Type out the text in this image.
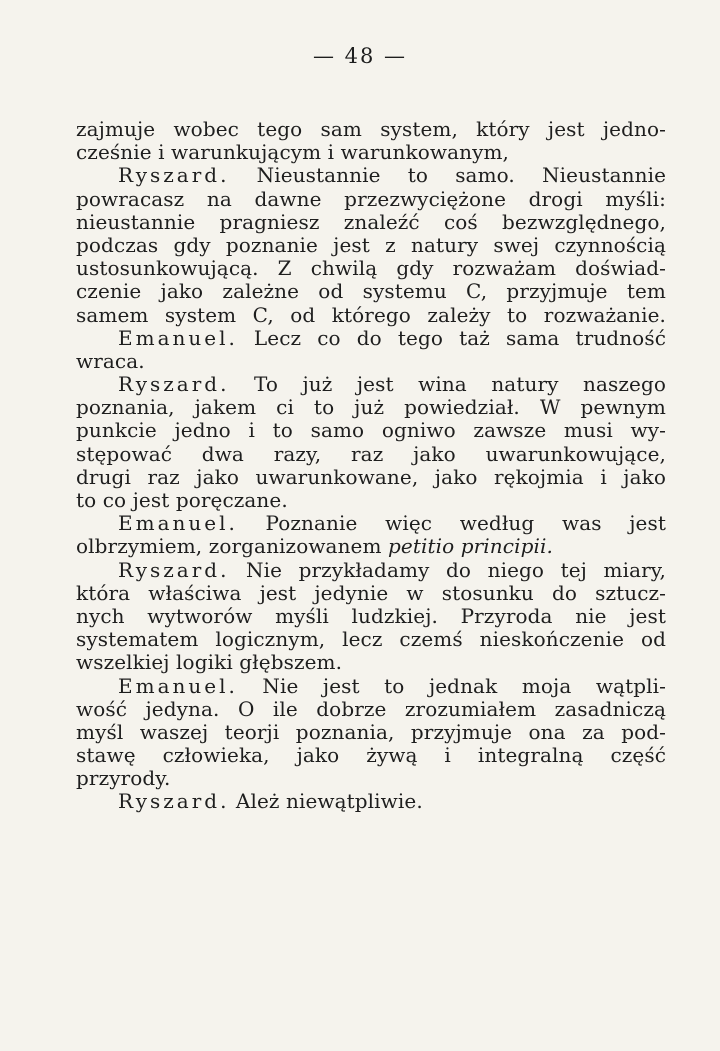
— 48 —
zajmuje wobec tego sam system, który jest jedno-
cześnie i warunkującym i warunkowanym,
Ryszard. Nieustannie to samo. Nieustannie
powracasz na dawne przezwyciężone drogi myśli:
nieustannie pragniesz znaleźć coś bezwzględnego,
podczas gdy poznanie jest z natury swej czynnością
ustosunkowującą. Z chwilą gdy rozważam doświad-
czenie jako zależne od systemu C, przyjmuje tem
samem system C, od którego zależy to rozważanie.
Emanuel. Lecz co do tego taż sama trudność
wraca.
Ryszard. To już jest wina natury naszego
poznania, jakem ci to już powiedział. W pewnym
punkcie jedno i to samo ogniwo zawsze musi wy-
stępować dwa razy, raz jako uwarunkowujące,
drugi raz jako uwarunkowane, jako rękojmia i jako
to co jest poręczane.
Emanuel. Poznanie więc według was jest
olbrzymiem, zorganizowanem petitio principii.
Ryszard. Nie przykładamy do niego tej miary,
która właściwa jest jedynie w stosunku do sztucz-
nych wytworów myśli ludzkiej. Przyroda nie jest
systematem logicznym, lecz czemś nieskończenie od
wszelkiej logiki głębszem.
Emanuel. Nie jest to jednak moja wątpli-
wość jedyna. O ile dobrze zrozumiałem zasadniczą
myśl waszej teorji poznania, przyjmuje ona za pod-
stawę człowieka, jako żywą i integralną część
przyrody.
Ryszard. Ależ niewątpliwie.
